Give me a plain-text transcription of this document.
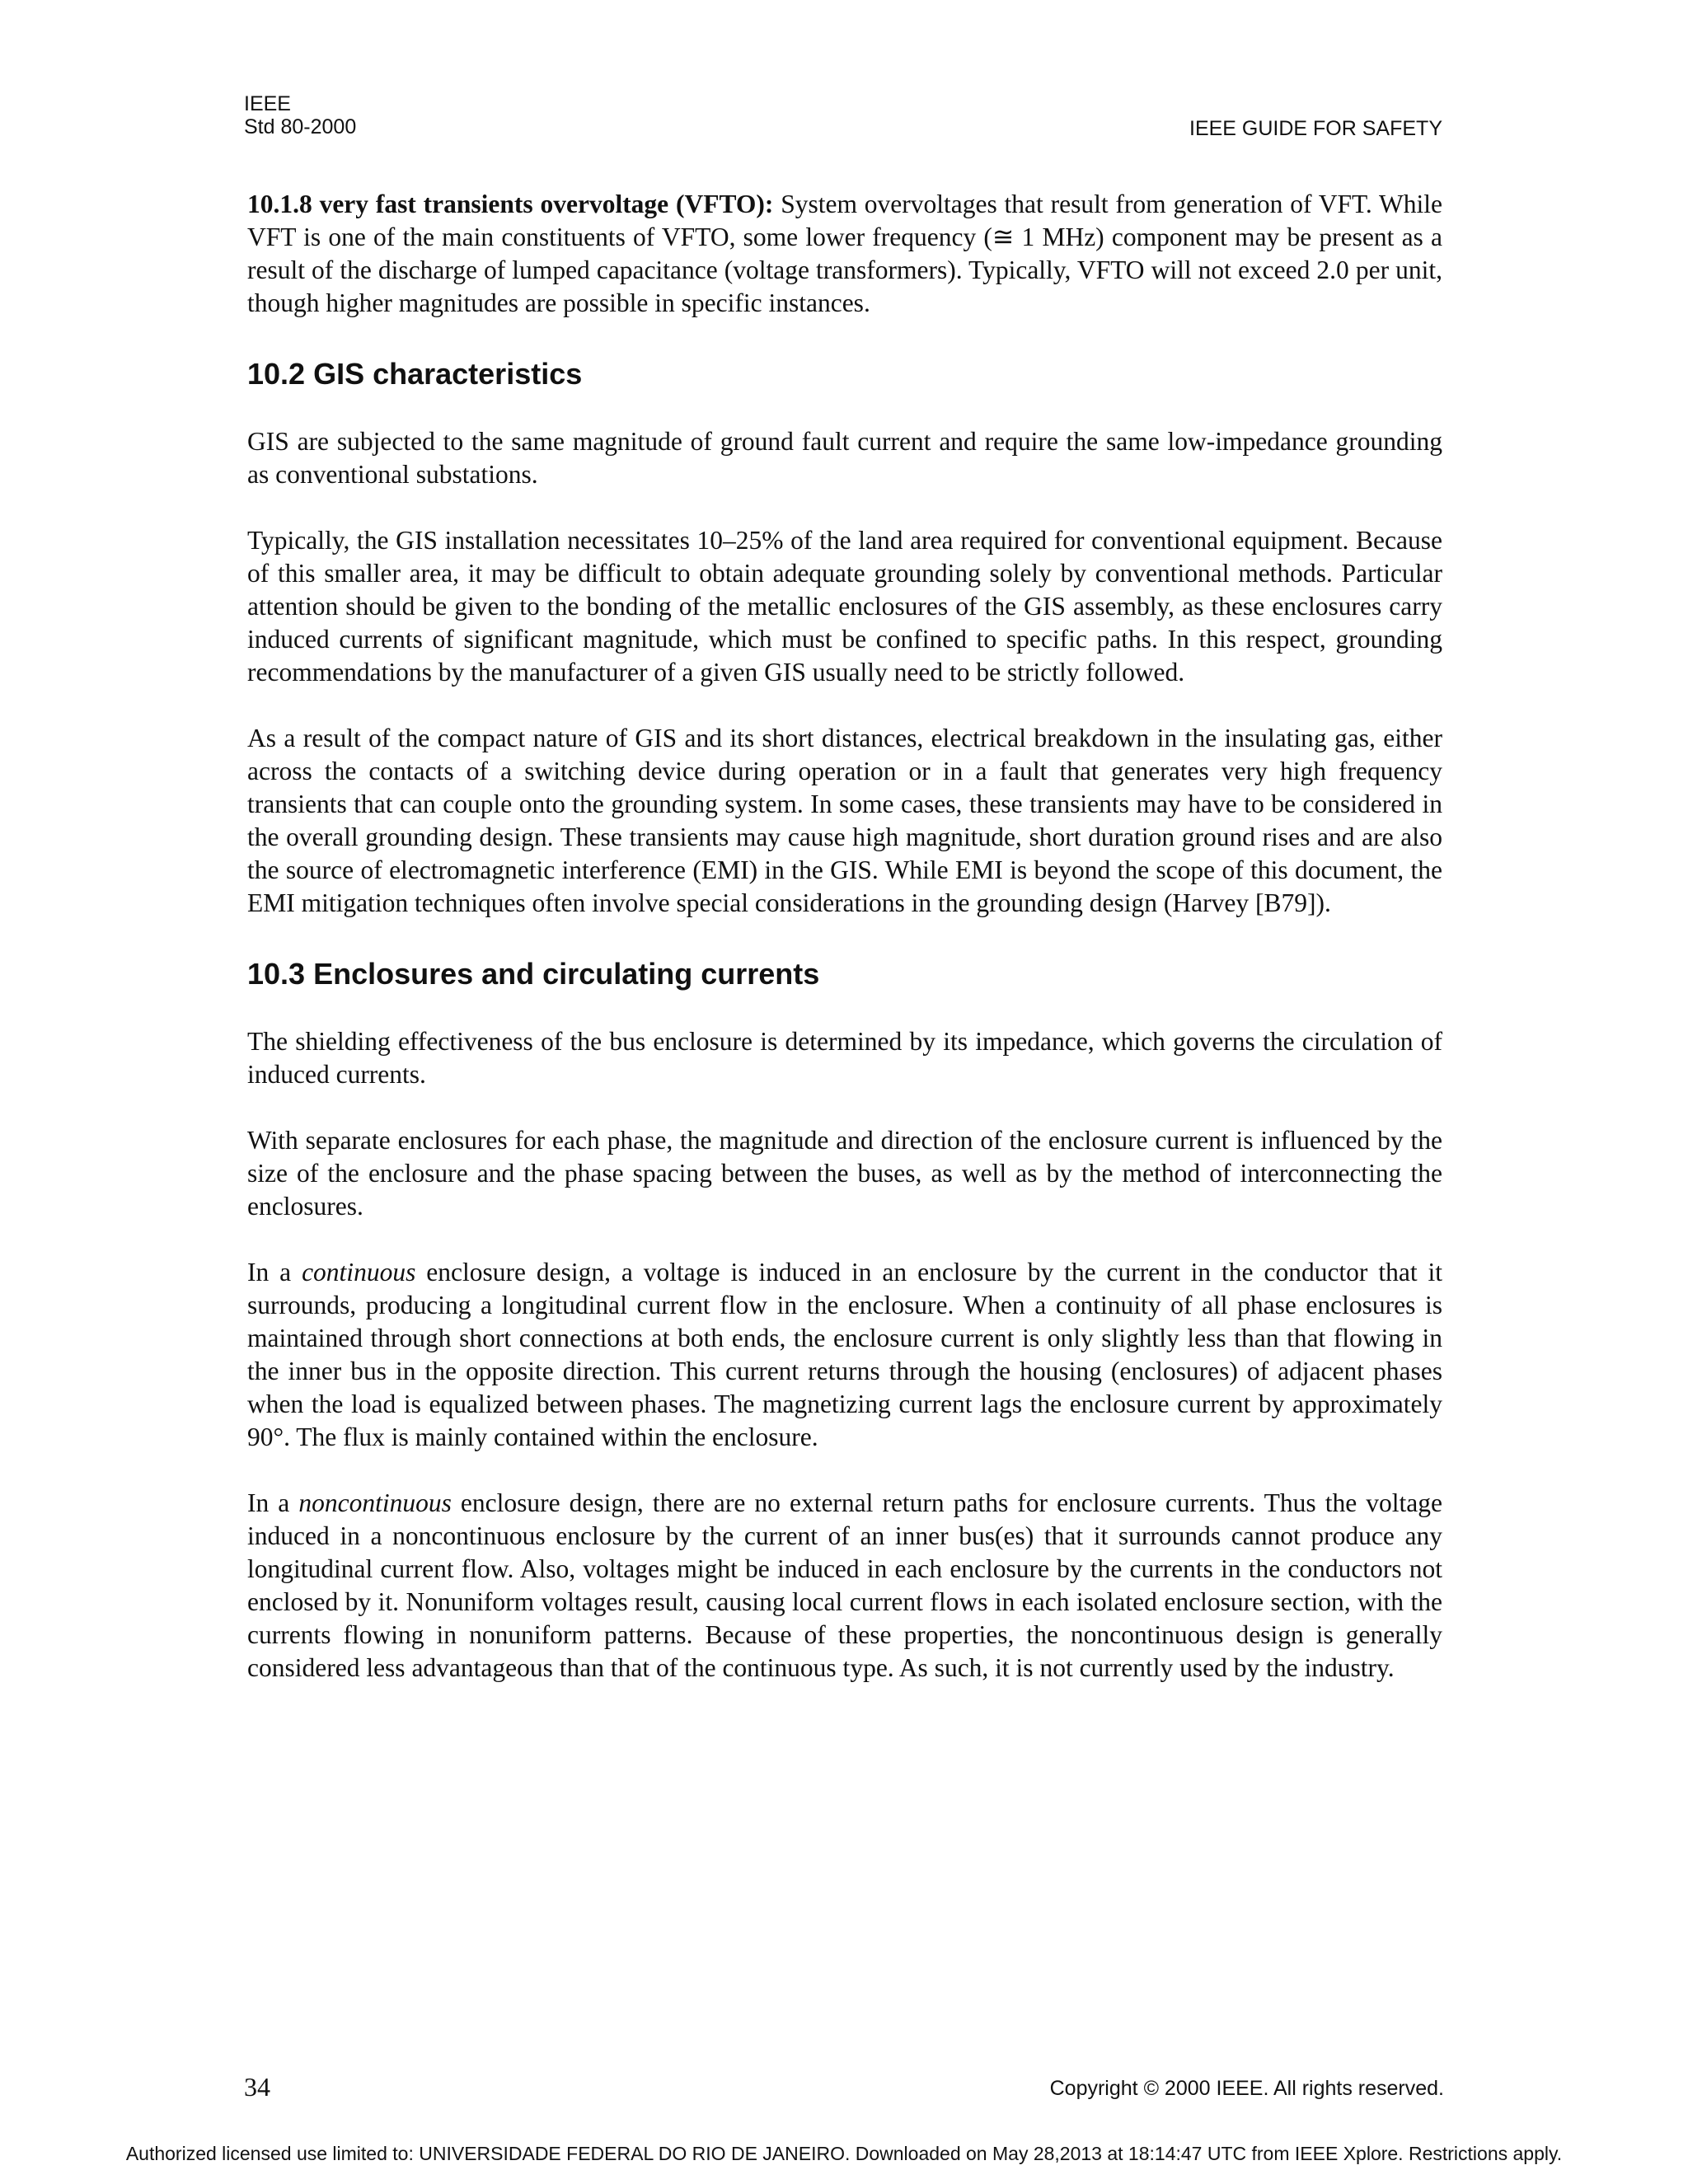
IEEE
Std 80-2000	IEEE GUIDE FOR SAFETY

10.1.8 very fast transients overvoltage (VFTO): System overvoltages that result from generation of VFT. While VFT is one of the main constituents of VFTO, some lower frequency (≅ 1 MHz) component may be present as a result of the discharge of lumped capacitance (voltage transformers). Typically, VFTO will not exceed 2.0 per unit, though higher magnitudes are possible in specific instances.

10.2 GIS characteristics

GIS are subjected to the same magnitude of ground fault current and require the same low-impedance grounding as conventional substations.

Typically, the GIS installation necessitates 10–25% of the land area required for conventional equipment. Because of this smaller area, it may be difficult to obtain adequate grounding solely by conventional methods. Particular attention should be given to the bonding of the metallic enclosures of the GIS assembly, as these enclosures carry induced currents of significant magnitude, which must be confined to specific paths. In this respect, grounding recommendations by the manufacturer of a given GIS usually need to be strictly followed.

As a result of the compact nature of GIS and its short distances, electrical breakdown in the insulating gas, either across the contacts of a switching device during operation or in a fault that generates very high frequency transients that can couple onto the grounding system. In some cases, these transients may have to be considered in the overall grounding design. These transients may cause high magnitude, short duration ground rises and are also the source of electromagnetic interference (EMI) in the GIS. While EMI is beyond the scope of this document, the EMI mitigation techniques often involve special considerations in the grounding design (Harvey [B79]).

10.3 Enclosures and circulating currents

The shielding effectiveness of the bus enclosure is determined by its impedance, which governs the circulation of induced currents.

With separate enclosures for each phase, the magnitude and direction of the enclosure current is influenced by the size of the enclosure and the phase spacing between the buses, as well as by the method of interconnecting the enclosures.

In a continuous enclosure design, a voltage is induced in an enclosure by the current in the conductor that it surrounds, producing a longitudinal current flow in the enclosure. When a continuity of all phase enclosures is maintained through short connections at both ends, the enclosure current is only slightly less than that flowing in the inner bus in the opposite direction. This current returns through the housing (enclosures) of adjacent phases when the load is equalized between phases. The magnetizing current lags the enclosure current by approximately 90°. The flux is mainly contained within the enclosure.

In a noncontinuous enclosure design, there are no external return paths for enclosure currents. Thus the voltage induced in a noncontinuous enclosure by the current of an inner bus(es) that it surrounds cannot produce any longitudinal current flow. Also, voltages might be induced in each enclosure by the currents in the conductors not enclosed by it. Nonuniform voltages result, causing local current flows in each isolated enclosure section, with the currents flowing in nonuniform patterns. Because of these properties, the noncontinuous design is generally considered less advantageous than that of the continuous type. As such, it is not currently used by the industry.

34	Copyright © 2000 IEEE. All rights reserved.
Authorized licensed use limited to: UNIVERSIDADE FEDERAL DO RIO DE JANEIRO. Downloaded on May 28,2013 at 18:14:47 UTC from IEEE Xplore. Restrictions apply.
